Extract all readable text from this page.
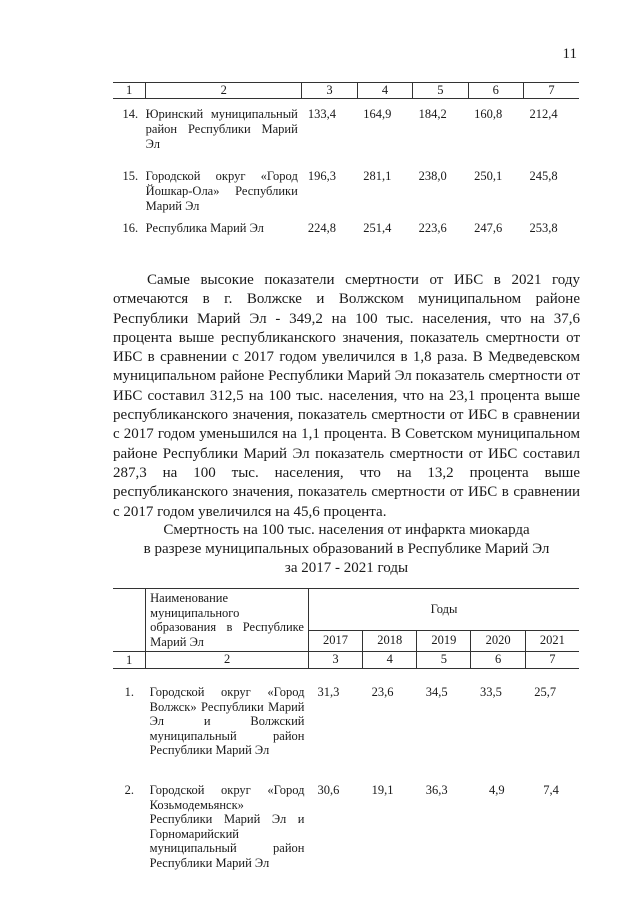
11
1	2	3	4	5	6	7
14.	Юринский муниципальный район Республики Марий Эл	133,4	164,9	184,2	160,8	212,4
15.	Городской округ «Город Йошкар-Ола» Республики Марий Эл	196,3	281,1	238,0	250,1	245,8
16.	Республика Марий Эл	224,8	251,4	223,6	247,6	253,8

Самые высокие показатели смертности от ИБС в 2021 году отмечаются в г. Волжске и Волжском муниципальном районе Республики Марий Эл - 349,2 на 100 тыс. населения, что на 37,6 процента выше республиканского значения, показатель смертности от ИБС в сравнении с 2017 годом увеличился в 1,8 раза. В Медведевском муниципальном районе Республики Марий Эл показатель смертности от ИБС составил 312,5 на 100 тыс. населения, что на 23,1 процента выше республиканского значения, показатель смертности от ИБС в сравнении с 2017 годом уменьшился на 1,1 процента. В Советском муниципальном районе Республики Марий Эл показатель смертности от ИБС составил 287,3 на 100 тыс. населения, что на 13,2 процента выше республиканского значения, показатель смертности от ИБС в сравнении с 2017 годом увеличился на 45,6 процента.

Смертность на 100 тыс. населения от инфаркта миокарда
в разрезе муниципальных образований в Республике Марий Эл
за 2017 - 2021 годы
	Наименование муниципального образования в Республике Марий Эл	Годы				
		2017	2018	2019	2020	2021
1	2	3	4	5	6	7
1.	Городской округ «Город Волжск» Республики Марий Эл и Волжский муниципальный район Республики Марий Эл	31,3	23,6	34,5	33,5	25,7
2.	Городской округ «Город Козьмодемьянск» Республики Марий Эл и Горномарийский муниципальный район Республики Марий Эл	30,6	19,1	36,3	4,9	7,4
